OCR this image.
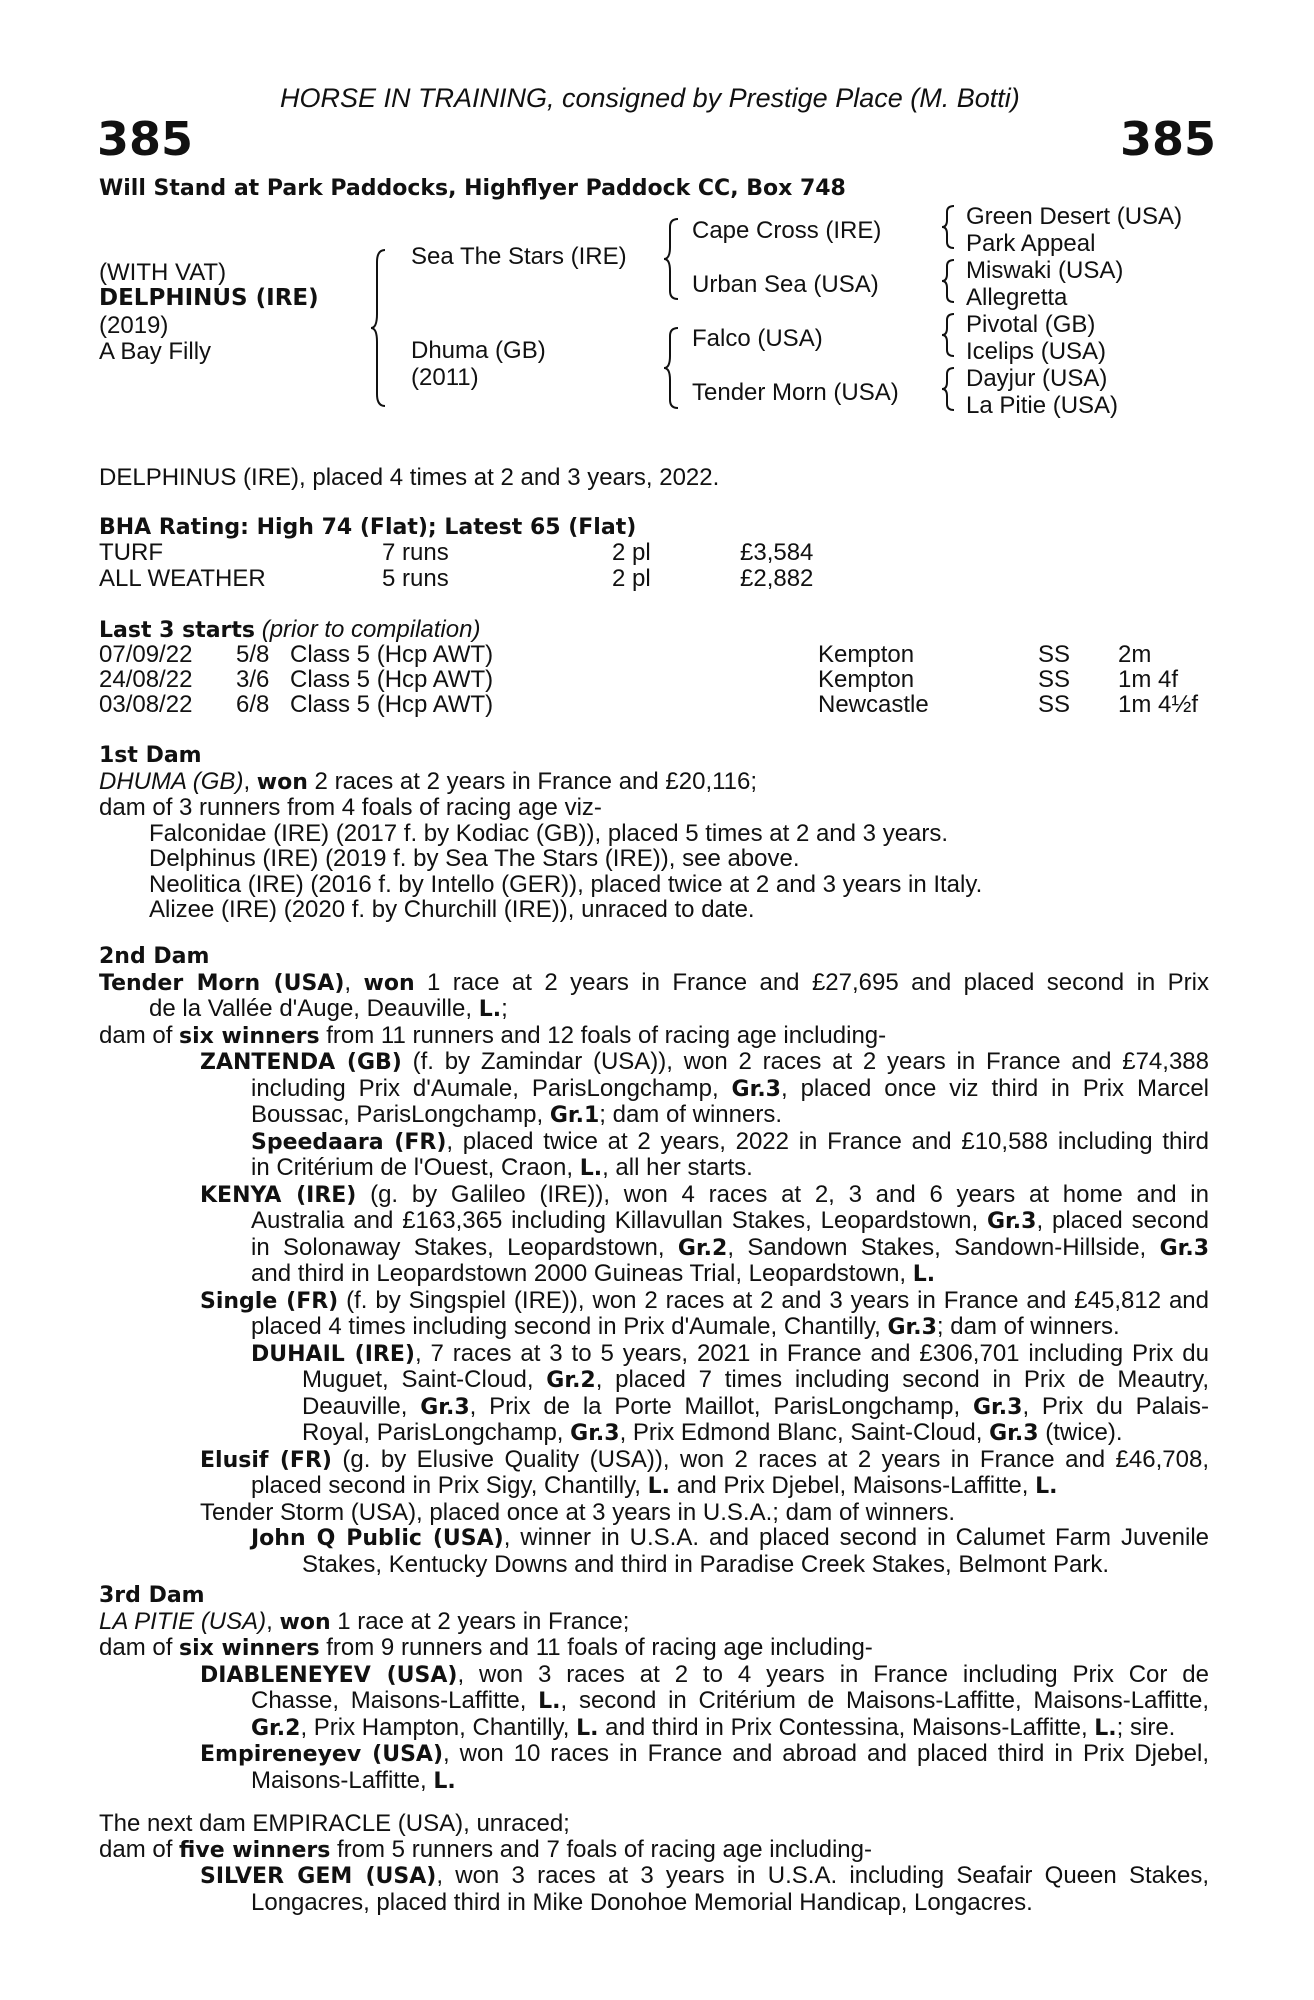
HORSE IN TRAINING, consigned by Prestige Place (M. Botti)
385	385
Will Stand at Park Paddocks, Highflyer Paddock CC, Box 748
(WITH VAT)
DELPHINUS (IRE)
(2019)
A Bay Filly
Sea The Stars (IRE)
Dhuma (GB)
(2011)
Cape Cross (IRE)
Urban Sea (USA)
Falco (USA)
Tender Morn (USA)
Green Desert (USA)
Park Appeal
Miswaki (USA)
Allegretta
Pivotal (GB)
Icelips (USA)
Dayjur (USA)
La Pitie (USA)
DELPHINUS (IRE), placed 4 times at 2 and 3 years, 2022.
BHA Rating: High 74 (Flat); Latest 65 (Flat)
TURF	7 runs	2 pl	£3,584
ALL WEATHER	5 runs	2 pl	£2,882
Last 3 starts (prior to compilation)
07/09/22 5/8 Class 5 (Hcp AWT)	Kempton	SS 2m
24/08/22 3/6 Class 5 (Hcp AWT)	Kempton	SS 1m 4f
03/08/22 6/8 Class 5 (Hcp AWT)	Newcastle	SS 1m 4½f
1st Dam
DHUMA (GB), won 2 races at 2 years in France and £20,116;
dam of 3 runners from 4 foals of racing age viz-
Falconidae (IRE) (2017 f. by Kodiac (GB)), placed 5 times at 2 and 3 years.
Delphinus (IRE) (2019 f. by Sea The Stars (IRE)), see above.
Neolitica (IRE) (2016 f. by Intello (GER)), placed twice at 2 and 3 years in Italy.
Alizee (IRE) (2020 f. by Churchill (IRE)), unraced to date.
2nd Dam
Tender Morn (USA), won 1 race at 2 years in France and £27,695 and placed second in Prix
de la Vallée d'Auge, Deauville, L.;
dam of six winners from 11 runners and 12 foals of racing age including-
ZANTENDA (GB) (f. by Zamindar (USA)), won 2 races at 2 years in France and £74,388
including Prix d'Aumale, ParisLongchamp, Gr.3, placed once viz third in Prix Marcel
Boussac, ParisLongchamp, Gr.1; dam of winners.
Speedaara (FR), placed twice at 2 years, 2022 in France and £10,588 including third
in Critérium de l'Ouest, Craon, L., all her starts.
KENYA (IRE) (g. by Galileo (IRE)), won 4 races at 2, 3 and 6 years at home and in
Australia and £163,365 including Killavullan Stakes, Leopardstown, Gr.3, placed second
in Solonaway Stakes, Leopardstown, Gr.2, Sandown Stakes, Sandown-Hillside, Gr.3
and third in Leopardstown 2000 Guineas Trial, Leopardstown, L.
Single (FR) (f. by Singspiel (IRE)), won 2 races at 2 and 3 years in France and £45,812 and
placed 4 times including second in Prix d'Aumale, Chantilly, Gr.3; dam of winners.
DUHAIL (IRE), 7 races at 3 to 5 years, 2021 in France and £306,701 including Prix du
Muguet, Saint-Cloud, Gr.2, placed 7 times including second in Prix de Meautry,
Deauville, Gr.3, Prix de la Porte Maillot, ParisLongchamp, Gr.3, Prix du Palais-
Royal, ParisLongchamp, Gr.3, Prix Edmond Blanc, Saint-Cloud, Gr.3 (twice).
Elusif (FR) (g. by Elusive Quality (USA)), won 2 races at 2 years in France and £46,708,
placed second in Prix Sigy, Chantilly, L. and Prix Djebel, Maisons-Laffitte, L.
Tender Storm (USA), placed once at 3 years in U.S.A.; dam of winners.
John Q Public (USA), winner in U.S.A. and placed second in Calumet Farm Juvenile
Stakes, Kentucky Downs and third in Paradise Creek Stakes, Belmont Park.
3rd Dam
LA PITIE (USA), won 1 race at 2 years in France;
dam of six winners from 9 runners and 11 foals of racing age including-
DIABLENEYEV (USA), won 3 races at 2 to 4 years in France including Prix Cor de
Chasse, Maisons-Laffitte, L., second in Critérium de Maisons-Laffitte, Maisons-Laffitte,
Gr.2, Prix Hampton, Chantilly, L. and third in Prix Contessina, Maisons-Laffitte, L.; sire.
Empireneyev (USA), won 10 races in France and abroad and placed third in Prix Djebel,
Maisons-Laffitte, L.
The next dam EMPIRACLE (USA), unraced;
dam of five winners from 5 runners and 7 foals of racing age including-
SILVER GEM (USA), won 3 races at 3 years in U.S.A. including Seafair Queen Stakes,
Longacres, placed third in Mike Donohoe Memorial Handicap, Longacres.
